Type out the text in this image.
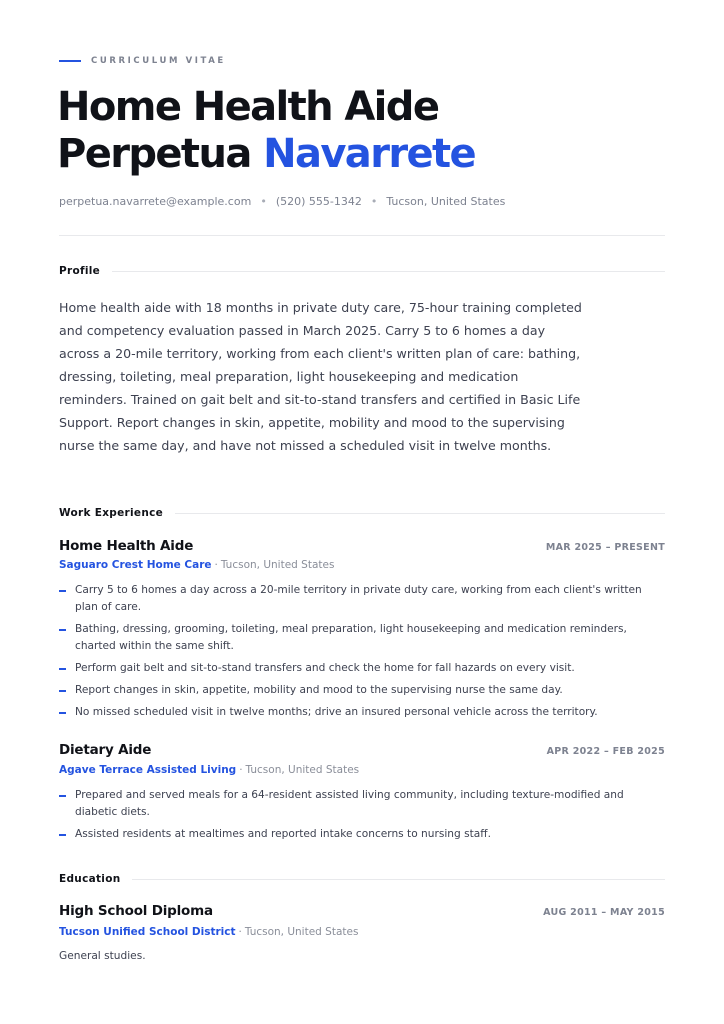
CURRICULUM VITAE
Home Health Aide
Perpetua Navarrete
perpetua.navarrete@example.com • (520) 555-1342 • Tucson, United States
Profile

Home health aide with 18 months in private duty care, 75-hour training completed and competency evaluation passed in March 2025. Carry 5 to 6 homes a day across a 20-mile territory, working from each client's written plan of care: bathing, dressing, toileting, meal preparation, light housekeeping and medication reminders. Trained on gait belt and sit-to-stand transfers and certified in Basic Life Support. Report changes in skin, appetite, mobility and mood to the supervising nurse the same day, and have not missed a scheduled visit in twelve months.

Work Experience
Home Health Aide	MAR 2025 – PRESENT
Saguaro Crest Home Care · Tucson, United States
Carry 5 to 6 homes a day across a 20-mile territory in private duty care, working from each client's written plan of care.
Bathing, dressing, grooming, toileting, meal preparation, light housekeeping and medication reminders, charted within the same shift.
Perform gait belt and sit-to-stand transfers and check the home for fall hazards on every visit.
Report changes in skin, appetite, mobility and mood to the supervising nurse the same day.
No missed scheduled visit in twelve months; drive an insured personal vehicle across the territory.
Dietary Aide	APR 2022 – FEB 2025
Agave Terrace Assisted Living · Tucson, United States
Prepared and served meals for a 64-resident assisted living community, including texture-modified and diabetic diets.
Assisted residents at mealtimes and reported intake concerns to nursing staff.
Education
High School Diploma	AUG 2011 – MAY 2015
Tucson Unified School District · Tucson, United States
General studies.
